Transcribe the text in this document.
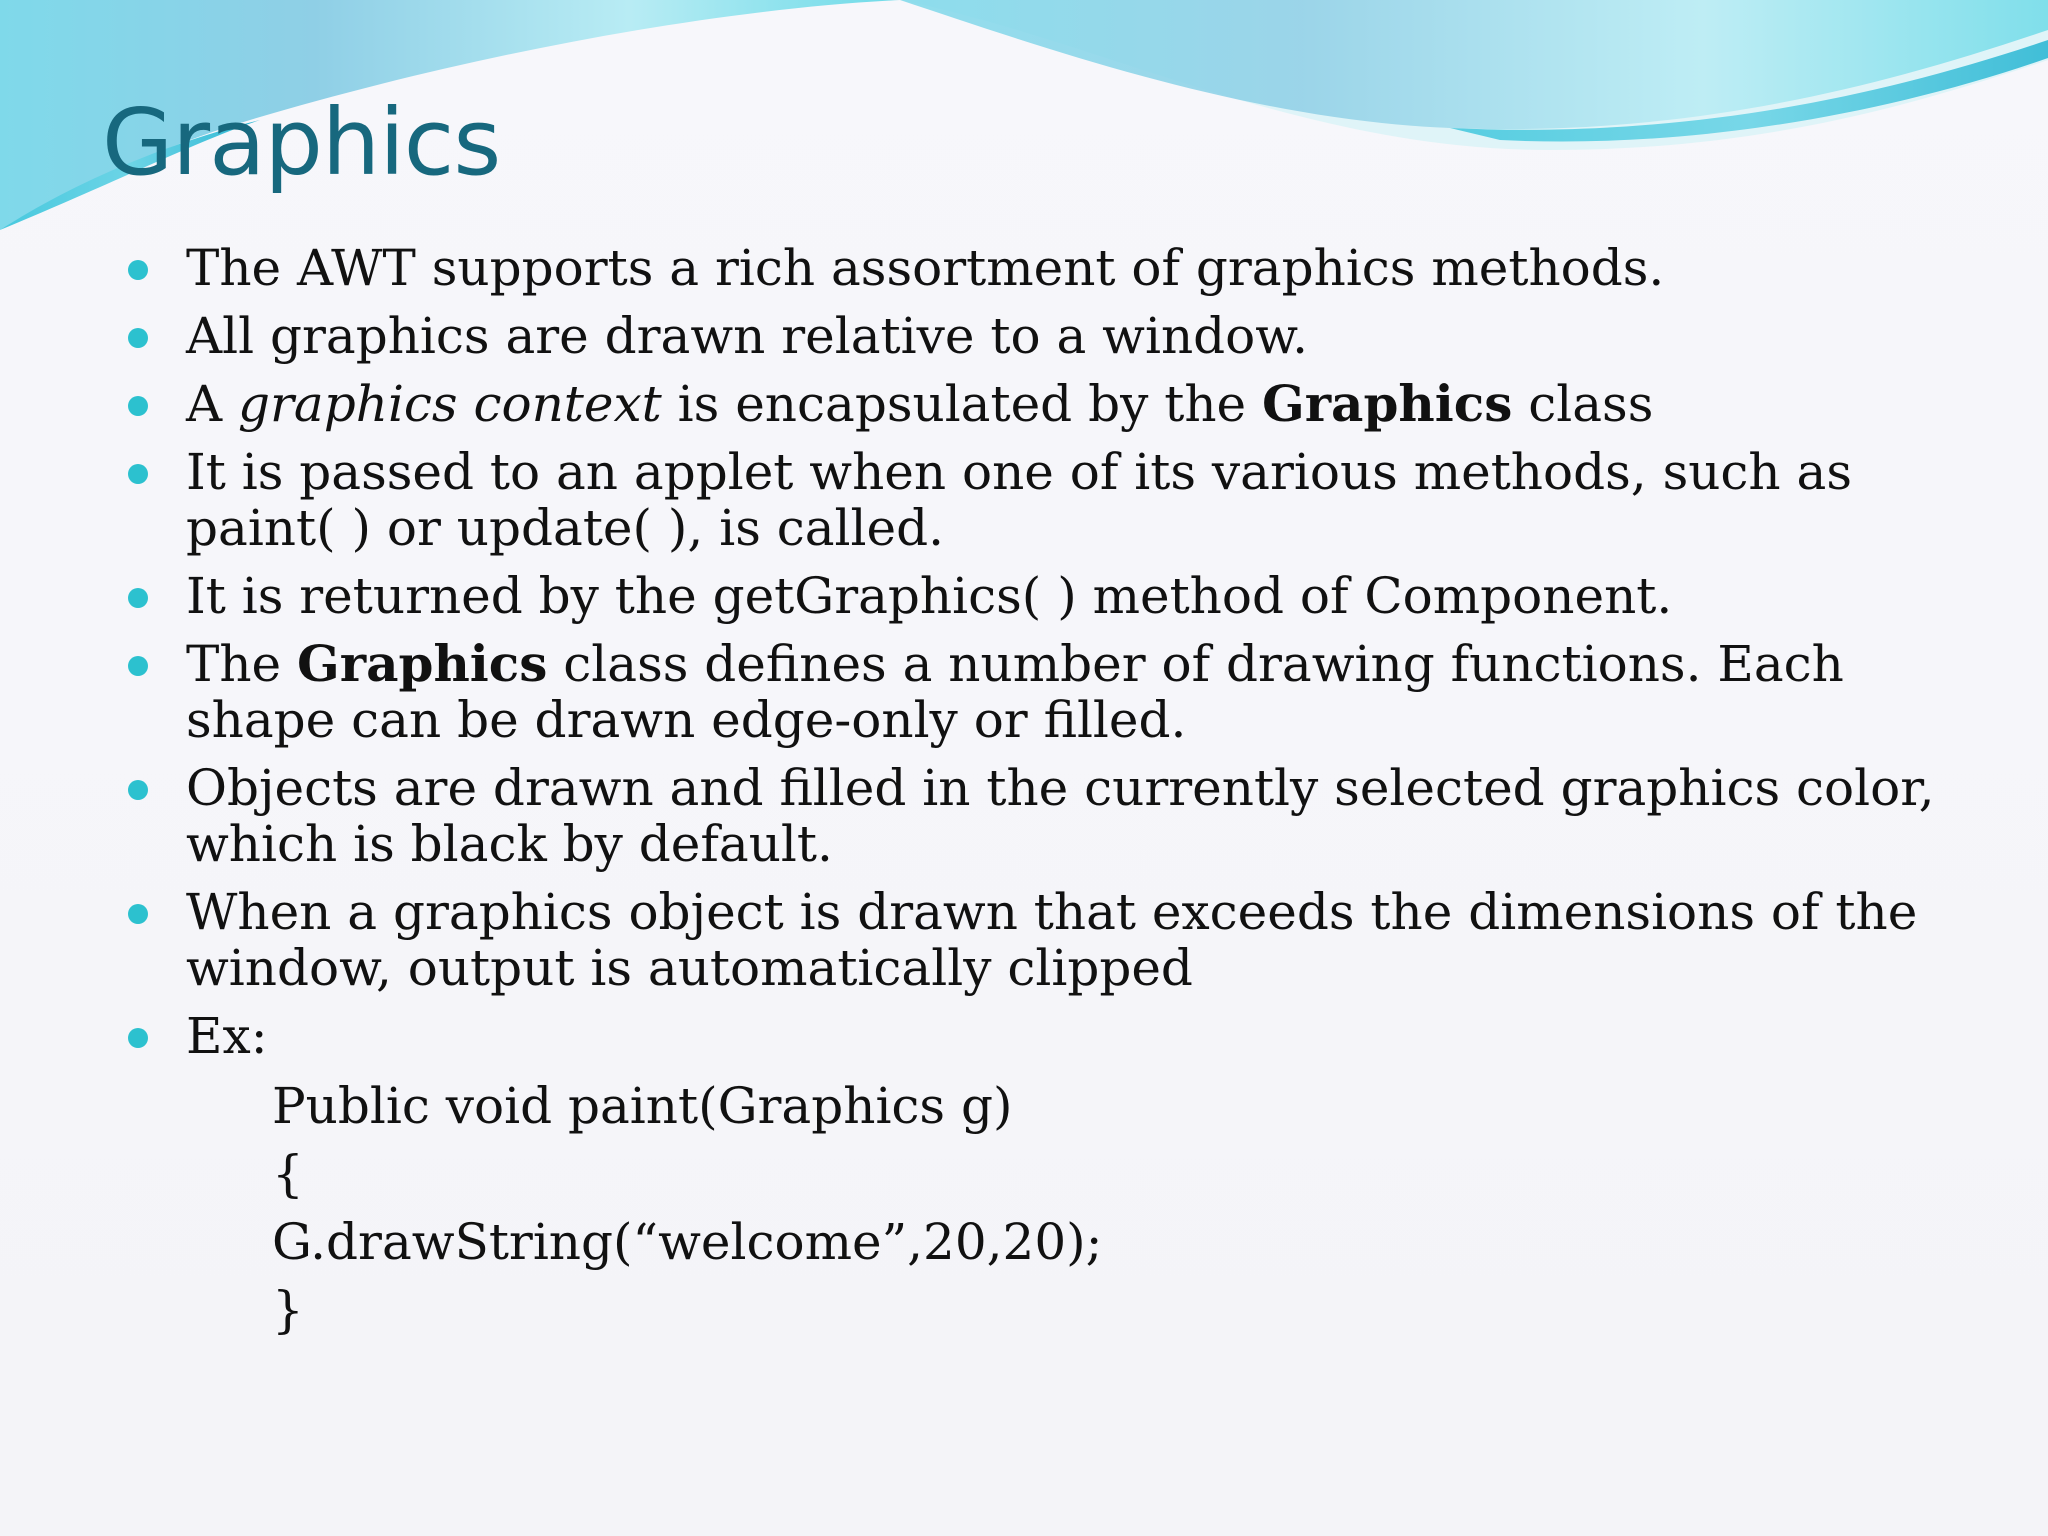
Graphics
The AWT supports a rich assortment of graphics methods.
All graphics are drawn relative to a window.
A graphics context is encapsulated by the Graphics class
It is passed to an applet when one of its various methods, such as paint( ) or update( ), is called.
It is returned by the getGraphics( ) method of Component.
The Graphics class defines a number of drawing functions. Each shape can be drawn edge-only or filled.
Objects are drawn and filled in the currently selected graphics color, which is black by default.
When a graphics object is drawn that exceeds the dimensions of the window, output is automatically clipped
Ex:
Public void paint(Graphics g)
{
G.drawString(“welcome”,20,20);
}
